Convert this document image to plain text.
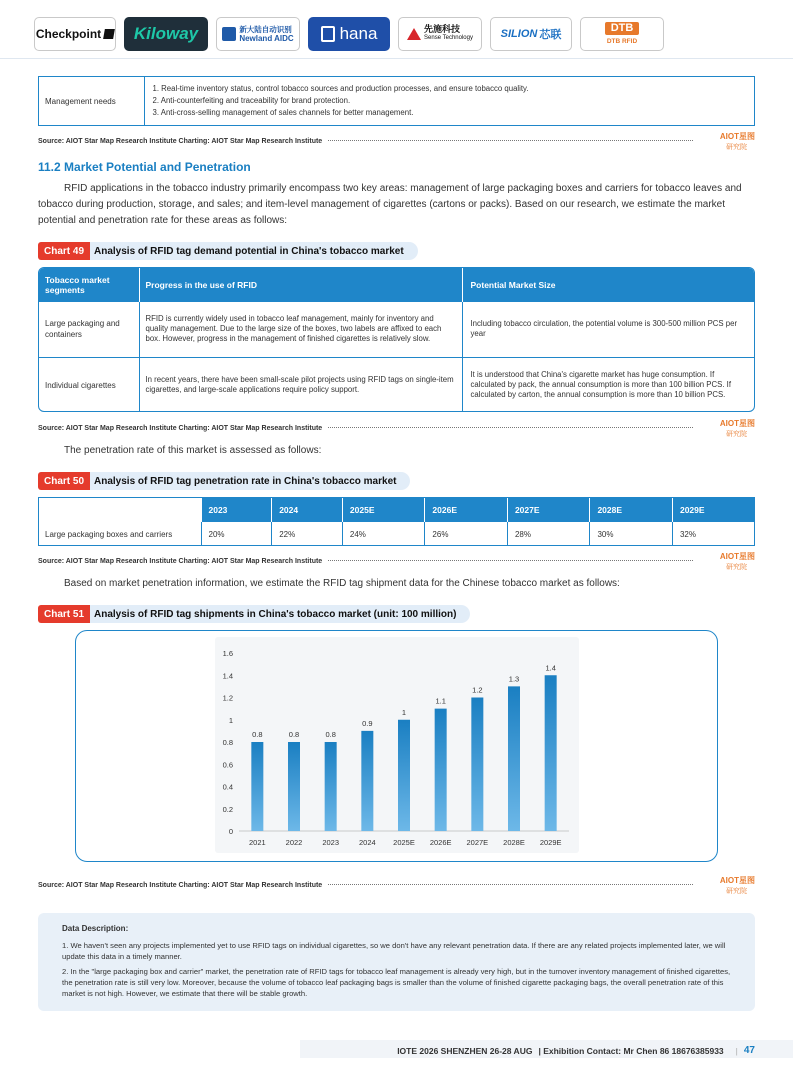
Checkpoint Kiloway	新大陆自动识别
Newland AIDC	hana	先施科技
Sense Technology	SILION 芯联
DTB
DTB RFID
Management needs	
1. Real-time inventory status, control tobacco sources and production processes, and ensure tobacco quality.
2. Anti-counterfeiting and traceability for brand protection.
3. Anti-cross-selling management of sales channels for better management.
Source: AIOT Star Map Research Institute Charting: AIOT Star Map Research Institute
AIOT星图
研究院
11.2 Market Potential and Penetration
RFID applications in the tobacco industry primarily encompass two key areas: management of large packaging boxes and carriers for tobacco leaves and tobacco during production, storage, and sales; and item-level management of cigarettes (cartons or packs). Based on our research, we estimate the market potential and penetration rate for these areas as follows:
Chart 49	Analysis of RFID tag demand potential in China's tobacco market
Tobacco market segments	Progress in the use of RFID	Potential Market Size
Large packaging and containers	RFID is currently widely used in tobacco leaf management, mainly for inventory and quality management. Due to the large size of the boxes, two labels are affixed to each box. However, progress in the management of finished cigarettes is relatively slow.	Including tobacco circulation, the potential volume is 300-500 million PCS per year
Individual cigarettes	In recent years, there have been small-scale pilot projects using RFID tags on single-item cigarettes, and large-scale applications require policy support.	It is understood that China's cigarette market has huge consumption. If calculated by pack, the annual consumption is more than 100 billion PCS. If calculated by carton, the annual consumption is more than 10 billion PCS.
Source: AIOT Star Map Research Institute Charting: AIOT Star Map Research Institute
AIOT星图
研究院
The penetration rate of this market is assessed as follows:
Chart 50	Analysis of RFID tag penetration rate in China's tobacco market
	2023	2024	2025E	2026E	2027E	2028E	2029E
Large packaging boxes and carriers	20%	22%	24%	26%	28%	30%	32%
Source: AIOT Star Map Research Institute Charting: AIOT Star Map Research Institute
AIOT星图
研究院
Based on market penetration information, we estimate the RFID tag shipment data for the Chinese tobacco market as follows:
Chart 51	Analysis of RFID tag shipments in China's tobacco market (unit: 100 million)
0
0.2
0.4
0.6
0.8
1
1.2
1.4
1.6
0.8
2021
0.8
2022
0.8
2023
0.9
2024
1
2025E
1.1
2026E
1.2
2027E
1.3
2028E
1.4
2029E
Source: AIOT Star Map Research Institute Charting: AIOT Star Map Research Institute
AIOT星图
研究院
Data Description:
1. We haven't seen any projects implemented yet to use RFID tags on individual cigarettes, so we don't have any relevant penetration data. If there are any related projects implemented later, we will update this data in a timely manner.
2. In the "large packaging box and carrier" market, the penetration rate of RFID tags for tobacco leaf management is already very high, but in the turnover inventory management of finished cigarettes, the penetration rate is still very low. Moreover, because the volume of tobacco leaf packaging bags is smaller than the volume of finished cigarette packaging bags, the overall penetration rate of this market is not high. However, we estimate that there will be stable growth.
IOTE 2026 SHENZHEN 26-28 AUG | Exhibition Contact: Mr Chen 86 18676385933 | 47
